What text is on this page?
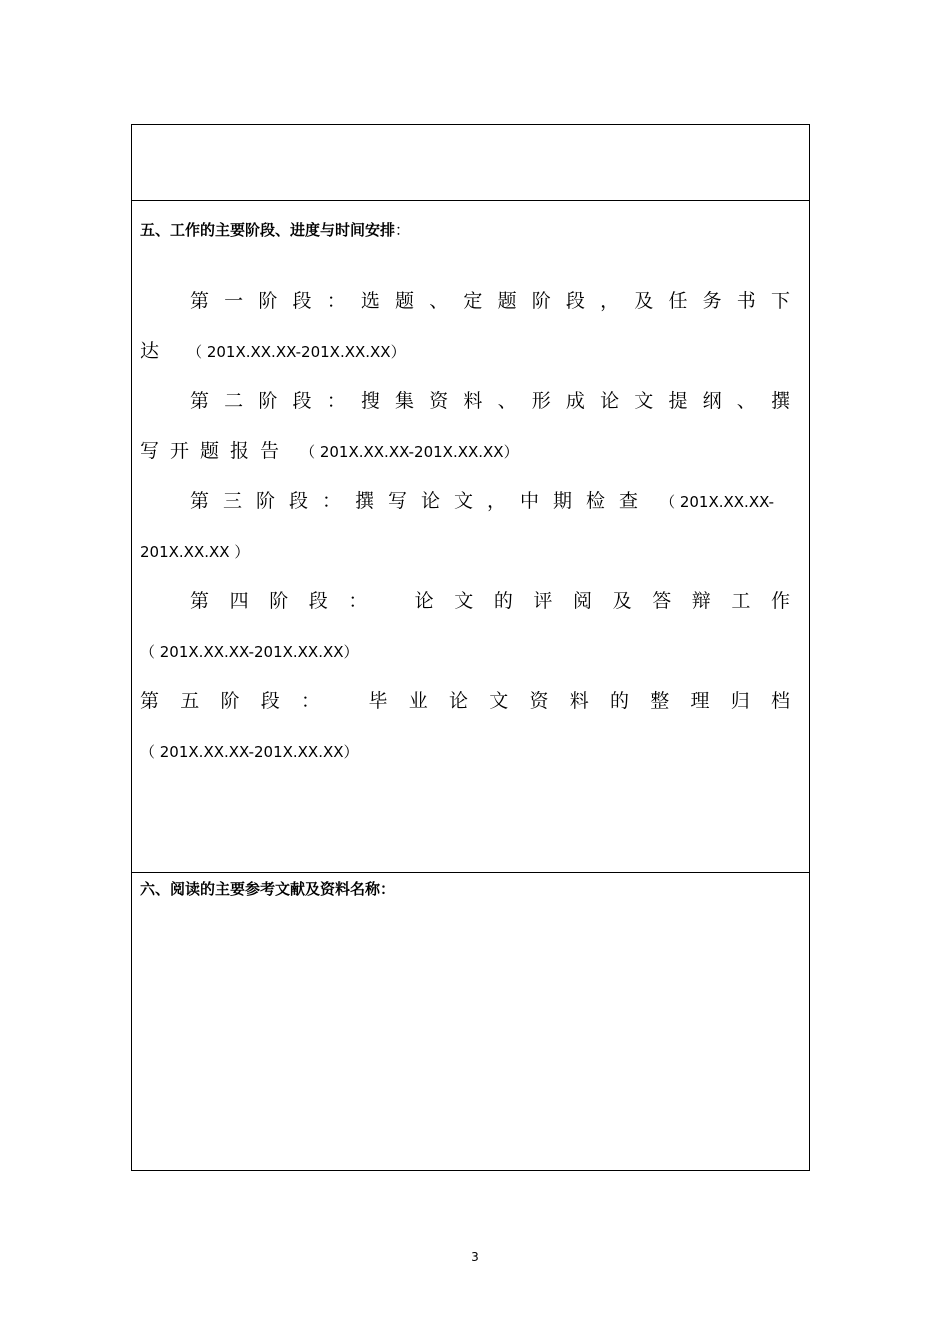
五、工作的主要阶段、进度与时间安排：
第一阶段：选题、定题阶段，及任务书下
达 （ 201X.XX.XX-201X.XX.XX）
第二阶段：搜集资料、形成论文提纲、撰
写开题报告 （ 201X.XX.XX-201X.XX.XX）
第三阶段：撰写论文，中期检查 （ 201X.XX.XX-
201X.XX.XX ）
第四阶段： 论文的评阅及答辩工作
（ 201X.XX.XX-201X.XX.XX）
第五阶段： 毕业论文资料的整理归档
（ 201X.XX.XX-201X.XX.XX）
六、阅读的主要参考文献及资料名称：
3
